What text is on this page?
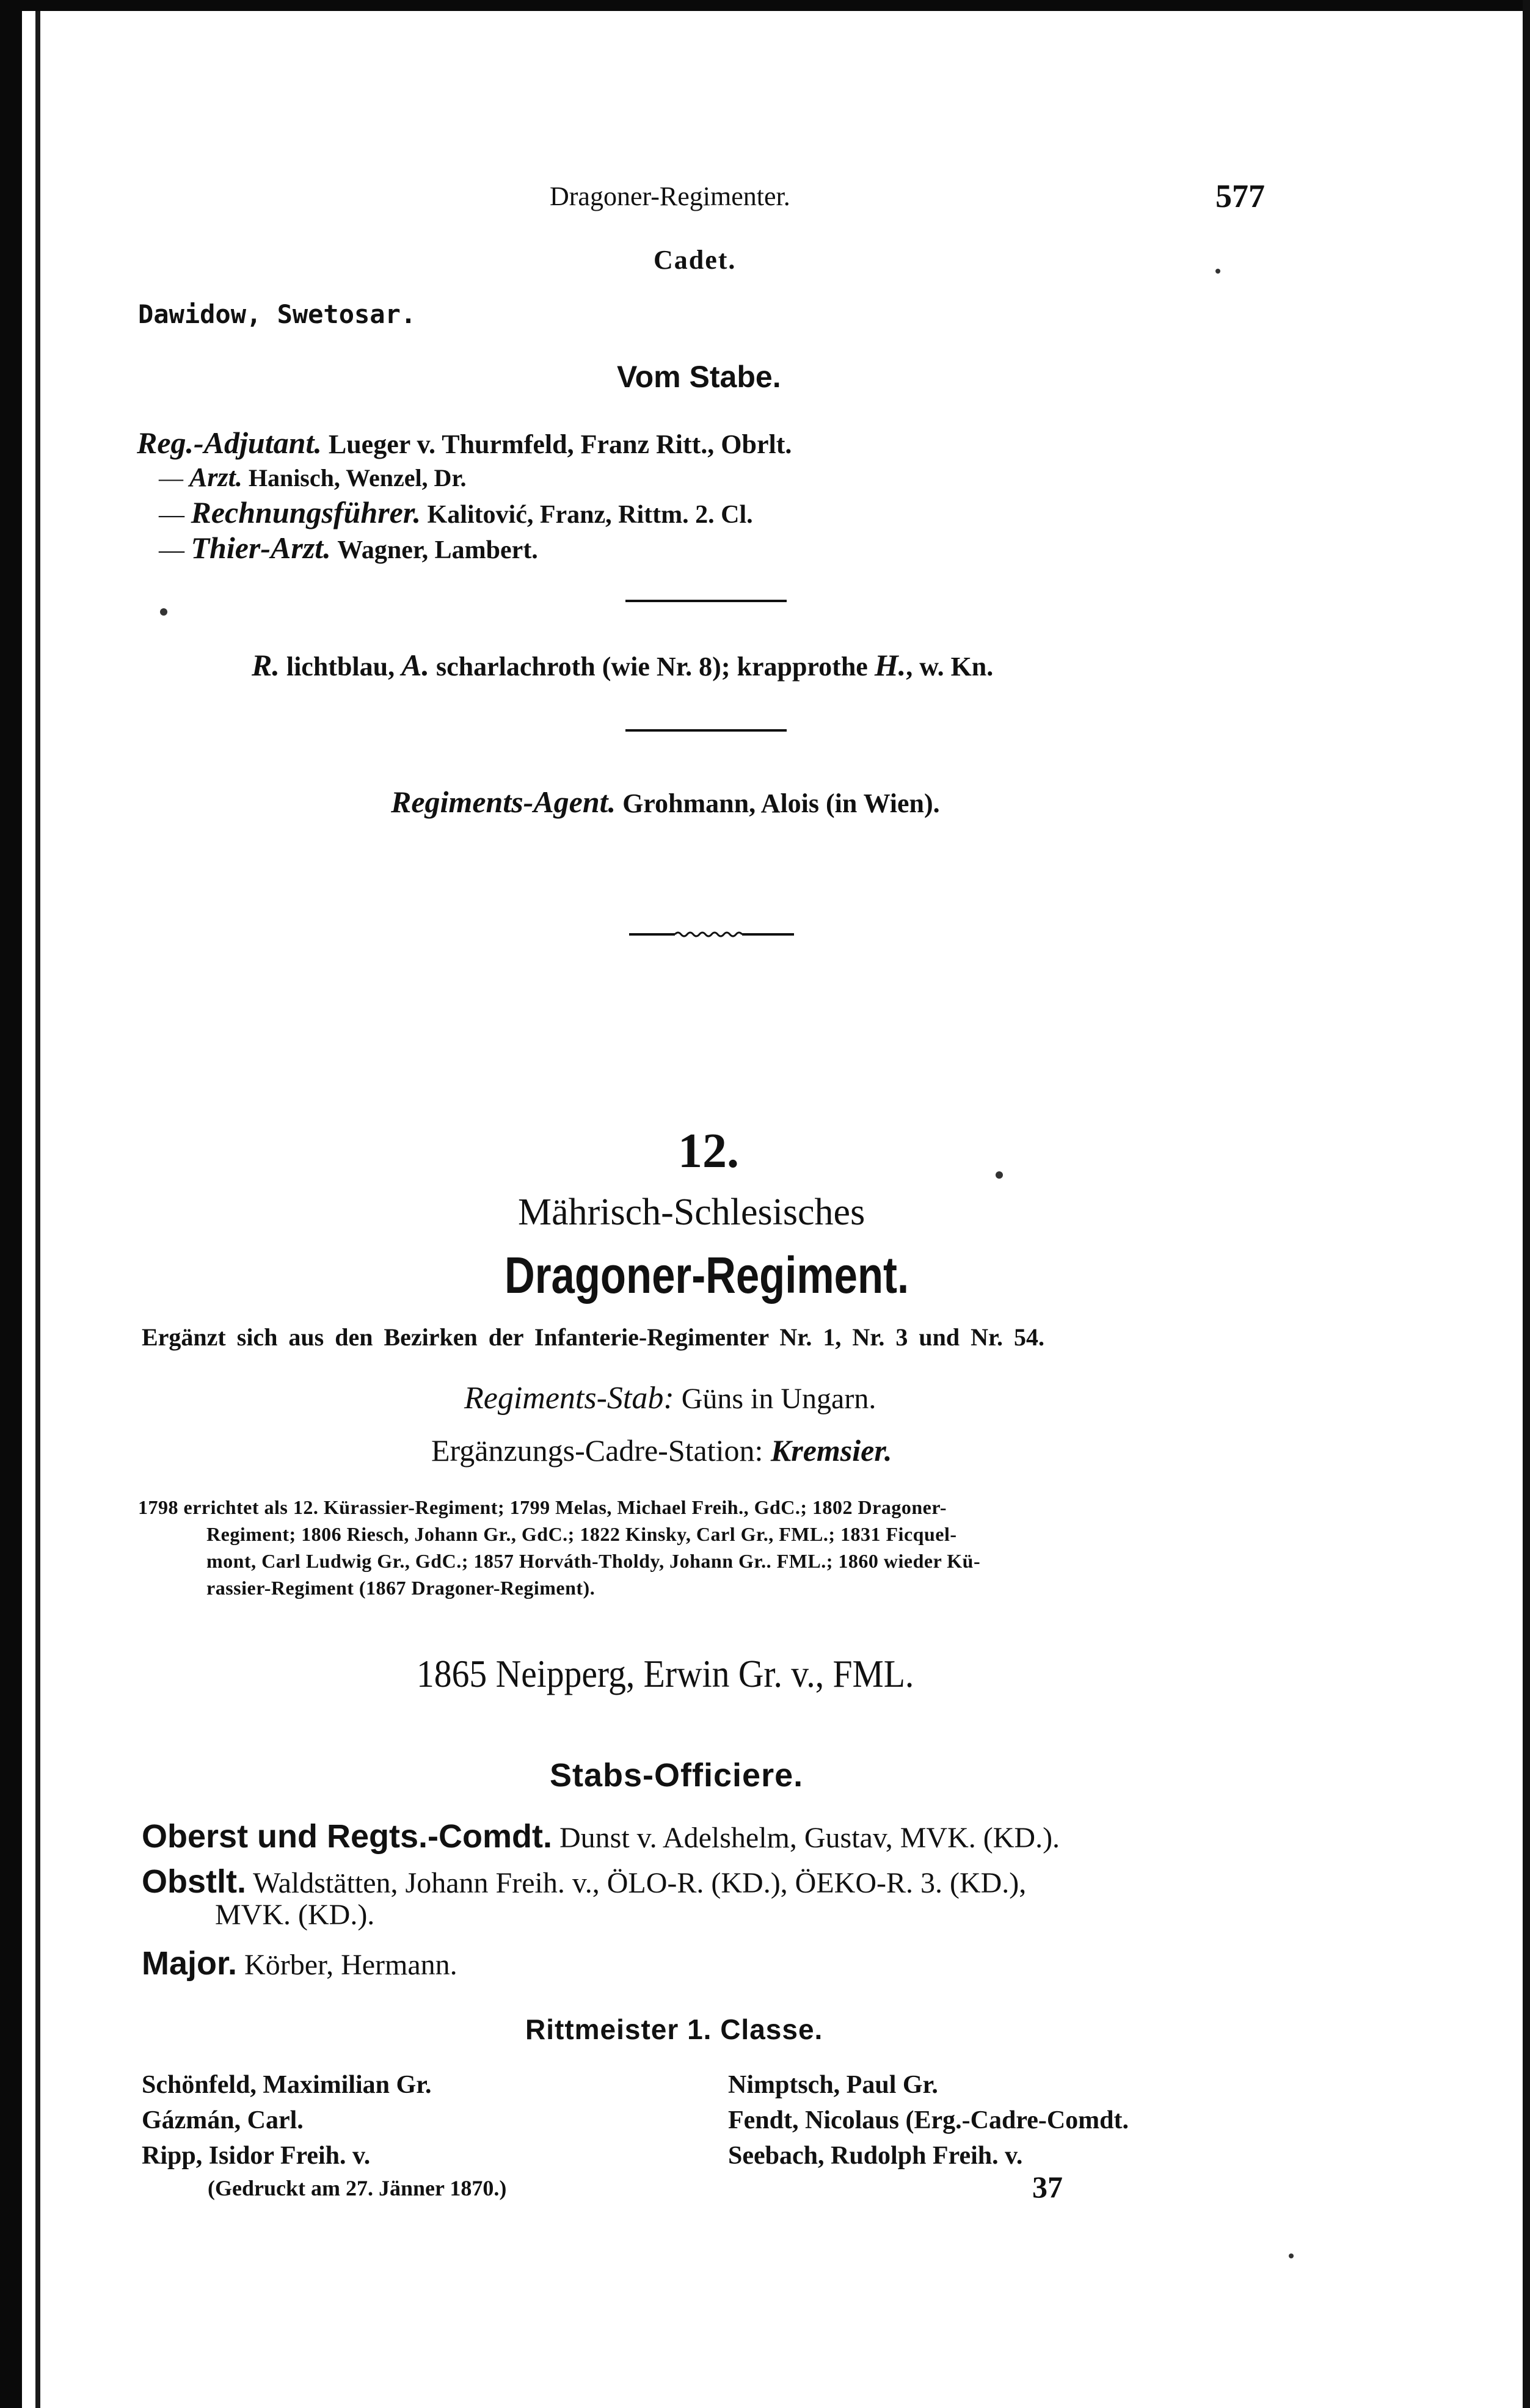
Dragoner-Regimenter.	577
Cadet.
Dawidow, Swetosar.
Vom Stabe.
Reg.-Adjutant. Lueger v. Thurmfeld, Franz Ritt., Obrlt.
— Arzt. Hanisch, Wenzel, Dr.
— Rechnungsführer. Kalitović, Franz, Rittm. 2. Cl.
— Thier-Arzt. Wagner, Lambert.
R. lichtblau, A. scharlachroth (wie Nr. 8); krapprothe H., w. Kn.
Regiments-Agent. Grohmann, Alois (in Wien).
12.
Mährisch-Schlesisches
Dragoner-Regiment.
Ergänzt sich aus den Bezirken der Infanterie-Regimenter Nr. 1, Nr. 3 und Nr. 54.
Regiments-Stab: Güns in Ungarn.
Ergänzungs-Cadre-Station: Kremsier.
1798 errichtet als 12. Kürassier-Regiment; 1799 Melas, Michael Freih., GdC.; 1802 Dragoner-
Regiment; 1806 Riesch, Johann Gr., GdC.; 1822 Kinsky, Carl Gr., FML.; 1831 Ficquel-
mont, Carl Ludwig Gr., GdC.; 1857 Horváth-Tholdy, Johann Gr.. FML.; 1860 wieder Kü-
rassier-Regiment (1867 Dragoner-Regiment).
1865 Neipperg, Erwin Gr. v., FML.
Stabs-Officiere.
Oberst und Regts.-Comdt. Dunst v. Adelshelm, Gustav, MVK. (KD.).
Obstlt. Waldstätten, Johann Freih. v., ÖLO-R. (KD.), ÖEKO-R. 3. (KD.),
MVK. (KD.).
Major. Körber, Hermann.
Rittmeister 1. Classe.
Schönfeld, Maximilian Gr.
Gázmán, Carl.
Ripp, Isidor Freih. v.
Nimptsch, Paul Gr.
Fendt, Nicolaus (Erg.-Cadre-Comdt.
Seebach, Rudolph Freih. v.
(Gedruckt am 27. Jänner 1870.)	37
